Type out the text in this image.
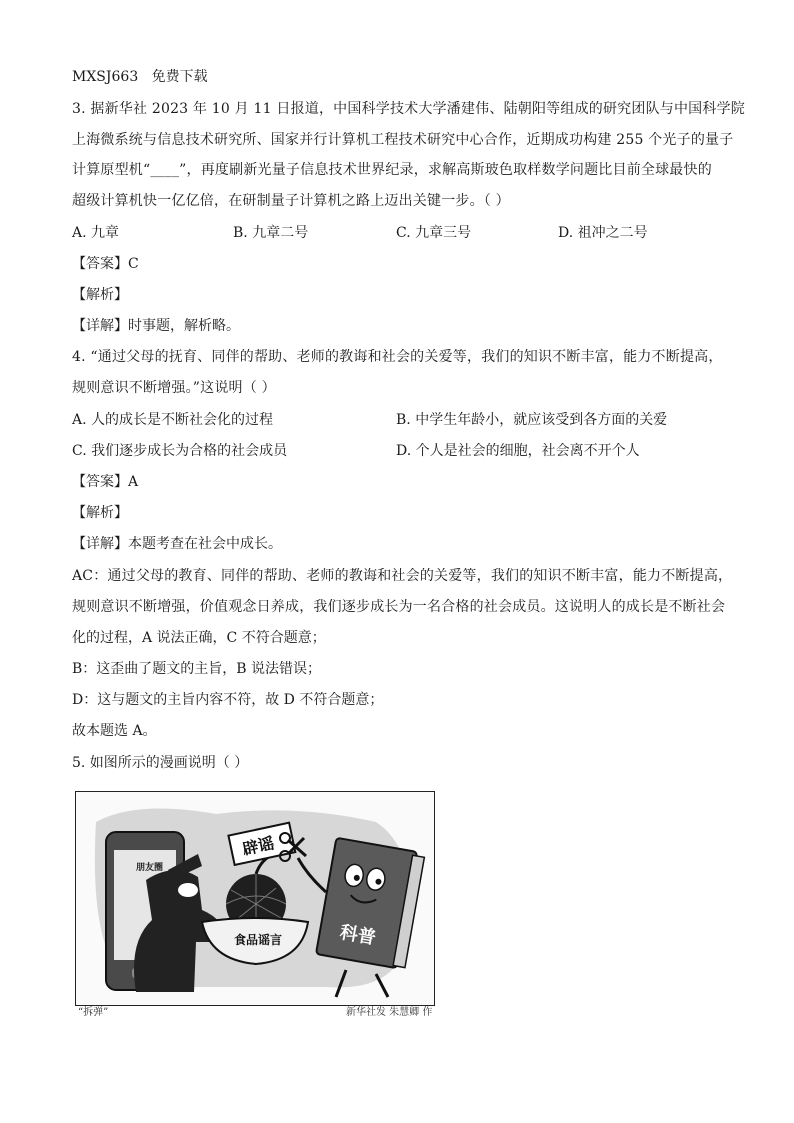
MXSJ663 免费下载
3. 据新华社 2023 年 10 月 11 日报道，中国科学技术大学潘建伟、陆朝阳等组成的研究团队与中国科学院
上海微系统与信息技术研究所、国家并行计算机工程技术研究中心合作，近期成功构建 255 个光子的量子
计算原型机“____”，再度刷新光量子信息技术世界纪录，求解高斯玻色取样数学问题比目前全球最快的
超级计算机快一亿亿倍，在研制量子计算机之路上迈出关键一步。（ ）
A. 九章	B. 九章二号	C. 九章三号	D. 祖冲之二号
【答案】C
【解析】
【详解】时事题，解析略。
4. “通过父母的抚育、同伴的帮助、老师的教诲和社会的关爱等，我们的知识不断丰富，能力不断提高，
规则意识不断增强。”这说明（ ）
A. 人的成长是不断社会化的过程	B. 中学生年龄小，就应该受到各方面的关爱
C. 我们逐步成长为合格的社会成员	D. 个人是社会的细胞，社会离不开个人
【答案】A
【解析】
【详解】本题考查在社会中成长。
AC：通过父母的教育、同伴的帮助、老师的教诲和社会的关爱等，我们的知识不断丰富，能力不断提高，
规则意识不断增强，价值观念日养成，我们逐步成长为一名合格的社会成员。这说明人的成长是不断社会
化的过程，A 说法正确，C 不符合题意；
B：这歪曲了题文的主旨，B 说法错误；
D：这与题文的主旨内容不符，故 D 不符合题意；
故本题选 A。
5. 如图所示的漫画说明（ ）
朋友圈
食品谣言
辟谣
科普
“拆弹”	新华社发 朱慧卿 作
